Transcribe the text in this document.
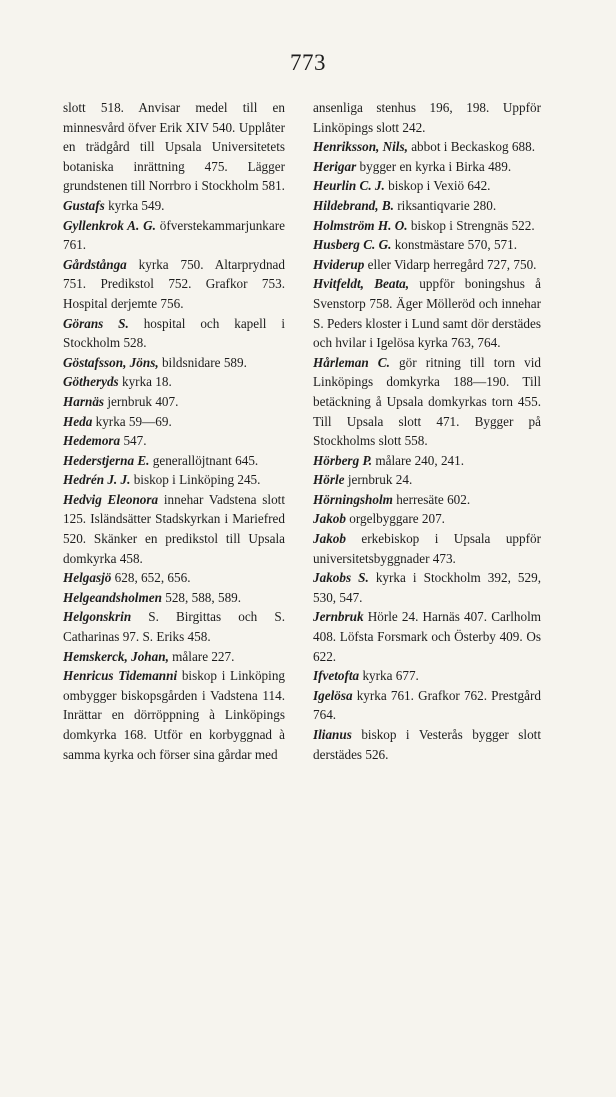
773
slott 518. Anvisar medel till en minnesvård öfver Erik XIV 540. Upplåter en trädgård till Upsala Universitetets botaniska inrättning 475. Lägger grundstenen till Norrbro i Stockholm 581.
Gustafs kyrka 549.
Gyllenkrok A. G. öfverstekammarjunkare 761.
Gårdstånga kyrka 750. Altarprydnad 751. Predikstol 752. Grafkor 753. Hospital derjemte 756.
Görans S. hospital och kapell i Stockholm 528.
Göstafsson, Jöns, bildsnidare 589.
Götheryds kyrka 18.
Harnäs jernbruk 407.
Heda kyrka 59—69.
Hedemora 547.
Hederstjerna E. generallöjtnant 645.
Hedrén J. J. biskop i Linköping 245.
Hedvig Eleonora innehar Vadstena slott 125. Isländsätter Stadskyrkan i Mariefred 520. Skänker en predikstol till Upsala domkyrka 458.
Helgasjö 628, 652, 656.
Helgeandsholmen 528, 588, 589.
Helgonskrin S. Birgittas och S. Catharinas 97. S. Eriks 458.
Hemskerck, Johan, målare 227.
Henricus Tidemanni biskop i Linköping ombygger biskopsgården i Vadstena 114. Inrättar en dörröppning à Linköpings domkyrka 168. Utför en korbyggnad à samma kyrka och förser sina gårdar med
ansenliga stenhus 196, 198. Uppför Linköpings slott 242.
Henriksson, Nils, abbot i Beckaskog 688.
Herigar bygger en kyrka i Birka 489.
Heurlin C. J. biskop i Vexiö 642.
Hildebrand, B. riksantiqvarie 280.
Holmström H. O. biskop i Strengnäs 522.
Husberg C. G. konstmästare 570, 571.
Hviderup eller Vidarp herregård 727, 750.
Hvitfeldt, Beata, uppför boningshus å Svenstorp 758. Äger Mölleröd och innehar S. Peders kloster i Lund samt dör derstädes och hvilar i Igelösa kyrka 763, 764.
Hårleman C. gör ritning till torn vid Linköpings domkyrka 188—190. Till betäckning å Upsala domkyrkas torn 455. Till Upsala slott 471. Bygger på Stockholms slott 558.
Hörberg P. målare 240, 241.
Hörle jernbruk 24.
Hörningsholm herresäte 602.
Jakob orgelbyggare 207.
Jakob erkebiskop i Upsala uppför universitetsbyggnader 473.
Jakobs S. kyrka i Stockholm 392, 529, 530, 547.
Jernbruk Hörle 24. Harnäs 407. Carlholm 408. Löfsta Forsmark och Österby 409. Os 622.
Ifvetofta kyrka 677.
Igelösa kyrka 761. Grafkor 762. Prestgård 764.
Ilianus biskop i Vesterås bygger slott derstädes 526.
